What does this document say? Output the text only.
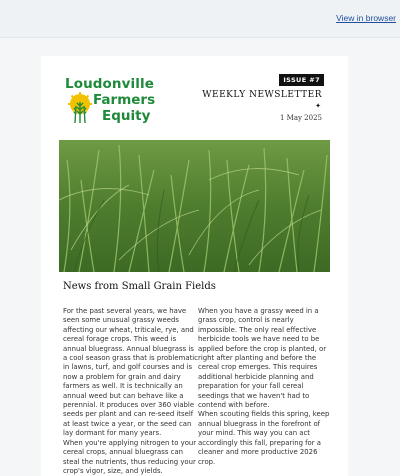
View in browser
Loudonville
Farmers
Equity
ISSUE #7
WEEKLY NEWSLETTER
✦
1 May 2025
News from Small Grain Fields

For the past several years, we have seen some unusual grassy weeds affecting our wheat, triticale, rye, and cereal forage crops. This weed is annual bluegrass. Annual bluegrass is a cool season grass that is problematic in lawns, turf, and golf courses and is now a problem for grain and dairy farmers as well. It is technically an annual weed but can behave like a perennial. It produces over 360 viable seeds per plant and can re-seed itself at least twice a year, or the seed can lay dormant for many years.

When you're applying nitrogen to your cereal crops, annual bluegrass can steal the nutrients, thus reducing your crop's vigor, size, and yields.

When you have a grassy weed in a grass crop, control is nearly impossible. The only real effective herbicide tools we have need to be applied before the crop is planted, or right after planting and before the cereal crop emerges. This requires additional herbicide planning and preparation for your fall cereal seedings that we haven't had to contend with before.

When scouting fields this spring, keep annual bluegrass in the forefront of your mind. This way you can act accordingly this fall, preparing for a cleaner and more productive 2026 crop.
